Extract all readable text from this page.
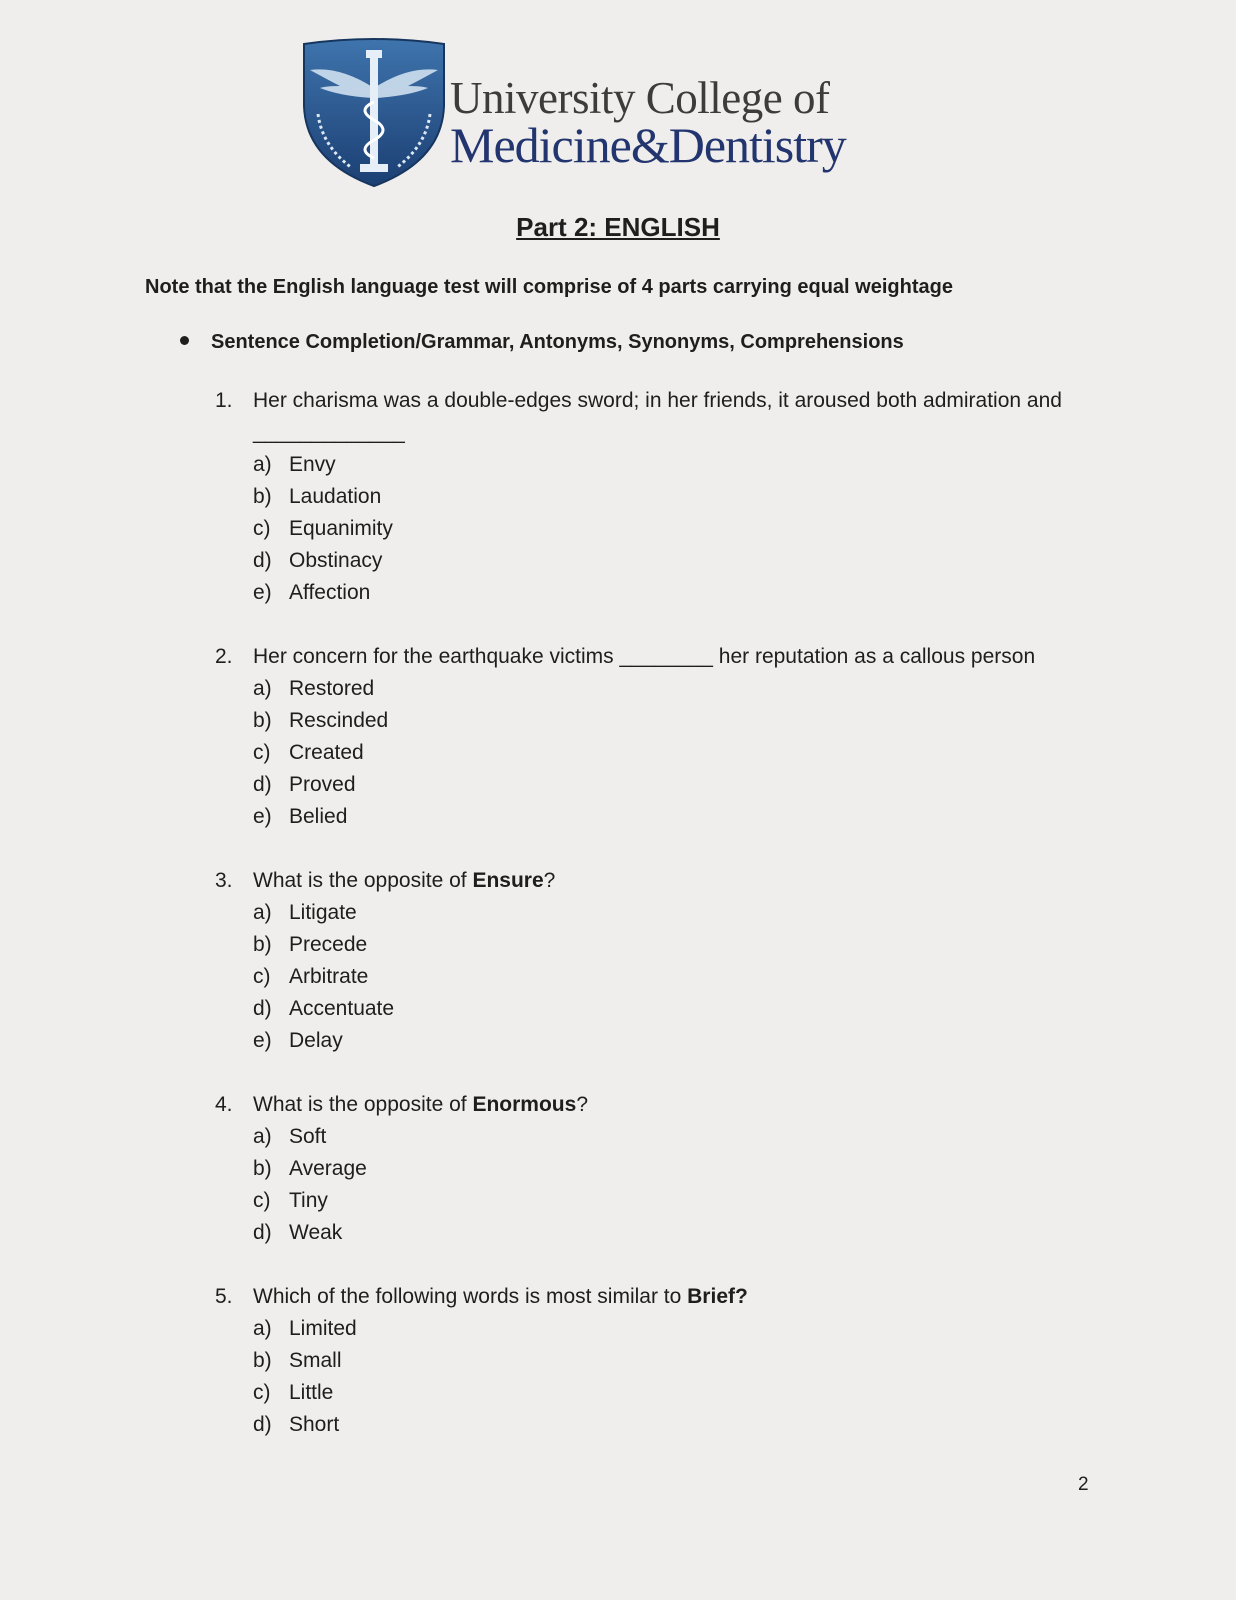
University College of
Medicine&Dentistry
Part 2: ENGLISH
Note that the English language test will comprise of 4 parts carrying equal weightage
Sentence Completion/Grammar, Antonyms, Synonyms, Comprehensions
1. Her charisma was a double-edges sword; in her friends, it aroused both admiration and _____________
a) Envy
b) Laudation
c) Equanimity
d) Obstinacy
e) Affection
2. Her concern for the earthquake victims ________ her reputation as a callous person
a) Restored
b) Rescinded
c) Created
d) Proved
e) Belied
3. What is the opposite of Ensure?
a) Litigate
b) Precede
c) Arbitrate
d) Accentuate
e) Delay
4. What is the opposite of Enormous?
a) Soft
b) Average
c) Tiny
d) Weak
5. Which of the following words is most similar to Brief?
a) Limited
b) Small
c) Little
d) Short
2
